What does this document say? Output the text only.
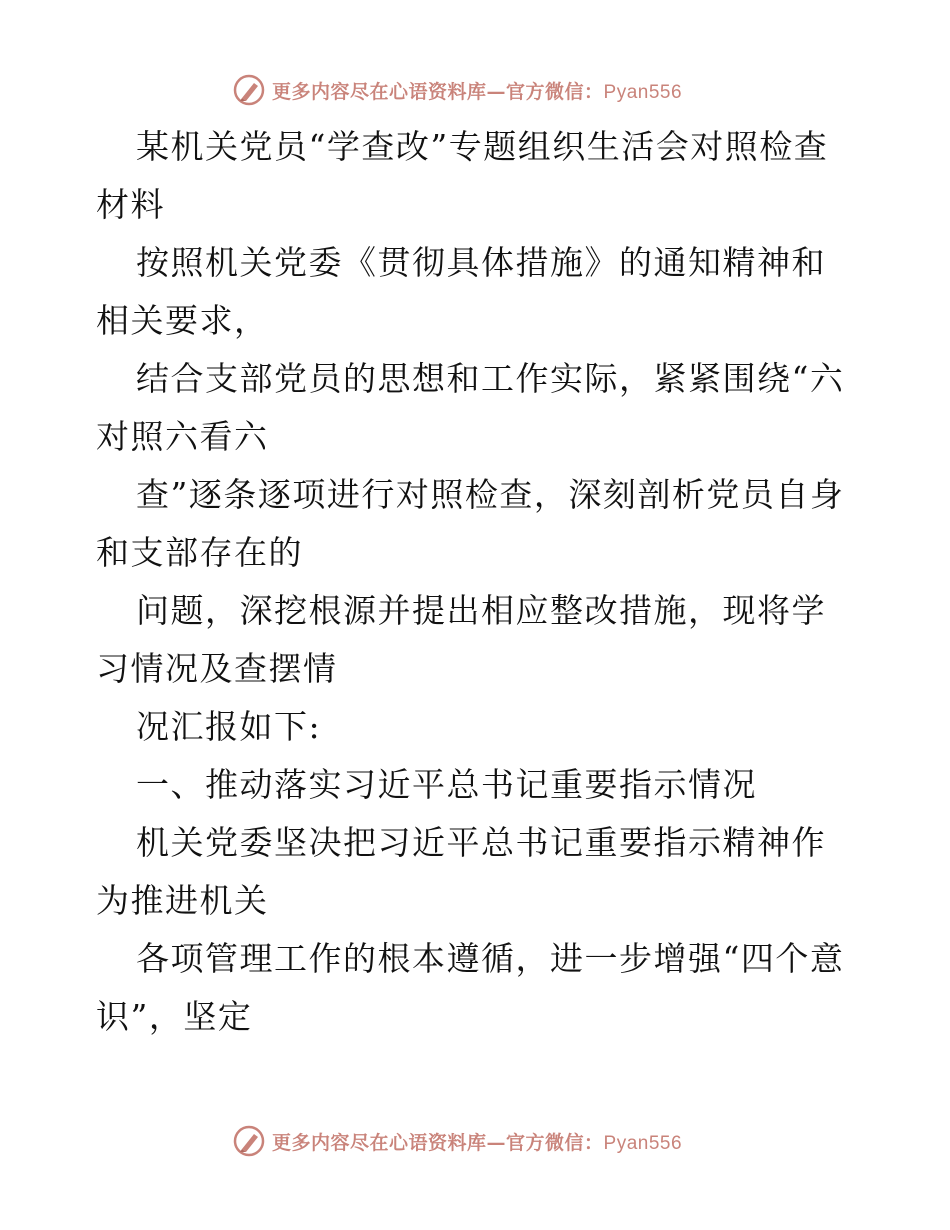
更多内容尽在心语资料库—官方微信：Pyan556

某机关党员“学查改”专题组织生活会对照检查材料

按照机关党委《贯彻具体措施》的通知精神和相关要求，

结合支部党员的思想和工作实际，紧紧围绕“六对照六看六

查”逐条逐项进行对照检查，深刻剖析党员自身和支部存在的

问题，深挖根源并提出相应整改措施，现将学习情况及查摆情

况汇报如下:

一、推动落实习近平总书记重要指示情况

机关党委坚决把习近平总书记重要指示精神作为推进机关

各项管理工作的根本遵循，进一步增强“四个意识”，坚定

更多内容尽在心语资料库—官方微信：Pyan556
